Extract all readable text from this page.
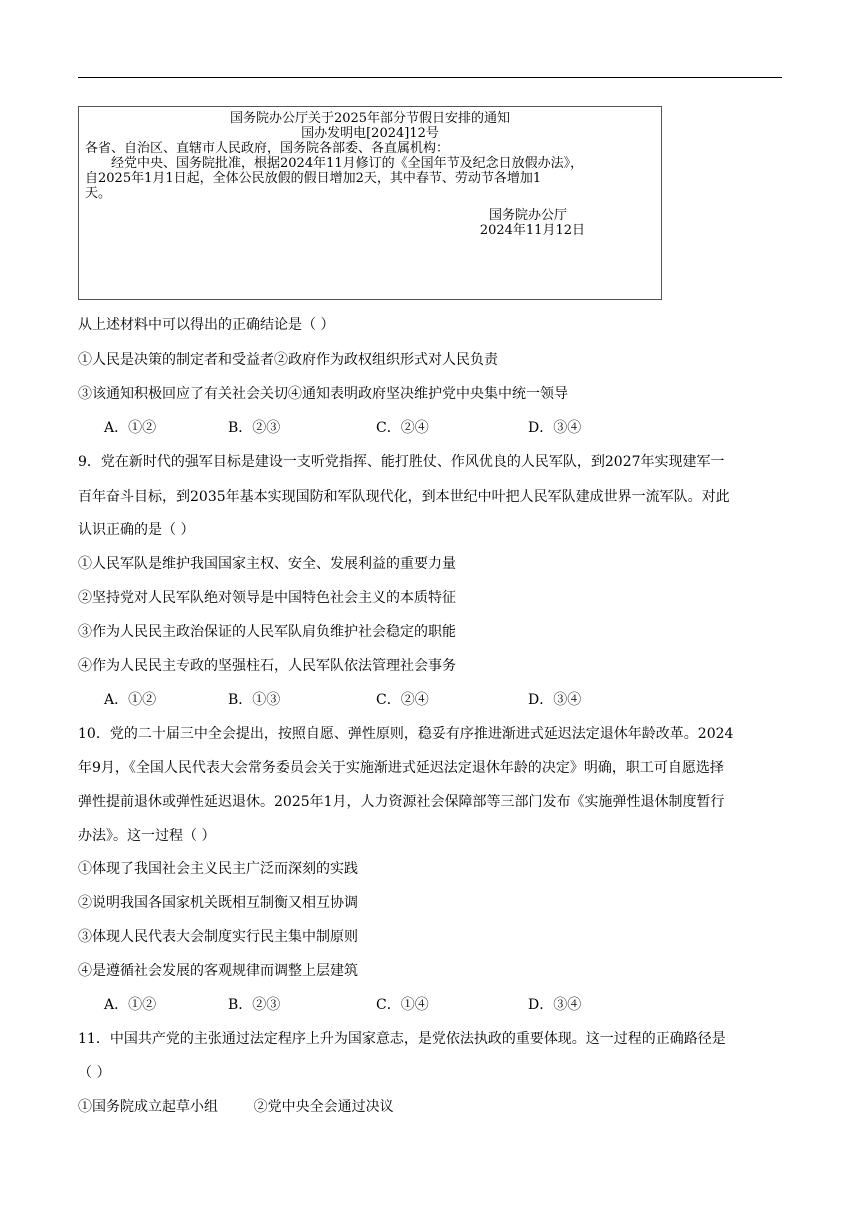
国务院办公厅关于2025年部分节假日安排的通知
国办发明电[2024]12号
各省、自治区、直辖市人民政府，国务院各部委、各直属机构：
经党中央、国务院批准，根据2024年11月修订的《全国年节及纪念日放假办法》，
自2025年1月1日起，全体公民放假的假日增加2天，其中春节、劳动节各增加1
天。
国务院办公厅
2024年11月12日
从上述材料中可以得出的正确结论是（ ）
①人民是决策的制定者和受益者②政府作为政权组织形式对人民负责
③该通知积极回应了有关社会关切④通知表明政府坚决维护党中央集中统一领导
A．①②	B．②③	C．②④	D．③④
9．党在新时代的强军目标是建设一支听党指挥、能打胜仗、作风优良的人民军队，到2027年实现建军一
百年奋斗目标，到2035年基本实现国防和军队现代化，到本世纪中叶把人民军队建成世界一流军队。对此
认识正确的是（ ）
①人民军队是维护我国国家主权、安全、发展利益的重要力量
②坚持党对人民军队绝对领导是中国特色社会主义的本质特征
③作为人民民主政治保证的人民军队肩负维护社会稳定的职能
④作为人民民主专政的坚强柱石，人民军队依法管理社会事务
A．①②	B．①③	C．②④	D．③④
10．党的二十届三中全会提出，按照自愿、弹性原则，稳妥有序推进渐进式延迟法定退休年龄改革。2024
年9月，《全国人民代表大会常务委员会关于实施渐进式延迟法定退休年龄的决定》明确，职工可自愿选择
弹性提前退休或弹性延迟退休。2025年1月，人力资源社会保障部等三部门发布《实施弹性退休制度暂行
办法》。这一过程（ ）
①体现了我国社会主义民主广泛而深刻的实践
②说明我国各国家机关既相互制衡又相互协调
③体现人民代表大会制度实行民主集中制原则
④是遵循社会发展的客观规律而调整上层建筑
A．①②	B．②③	C．①④	D．③④
11．中国共产党的主张通过法定程序上升为国家意志，是党依法执政的重要体现。这一过程的正确路径是
（ ）
①国务院成立起草小组        ②党中央全会通过决议
